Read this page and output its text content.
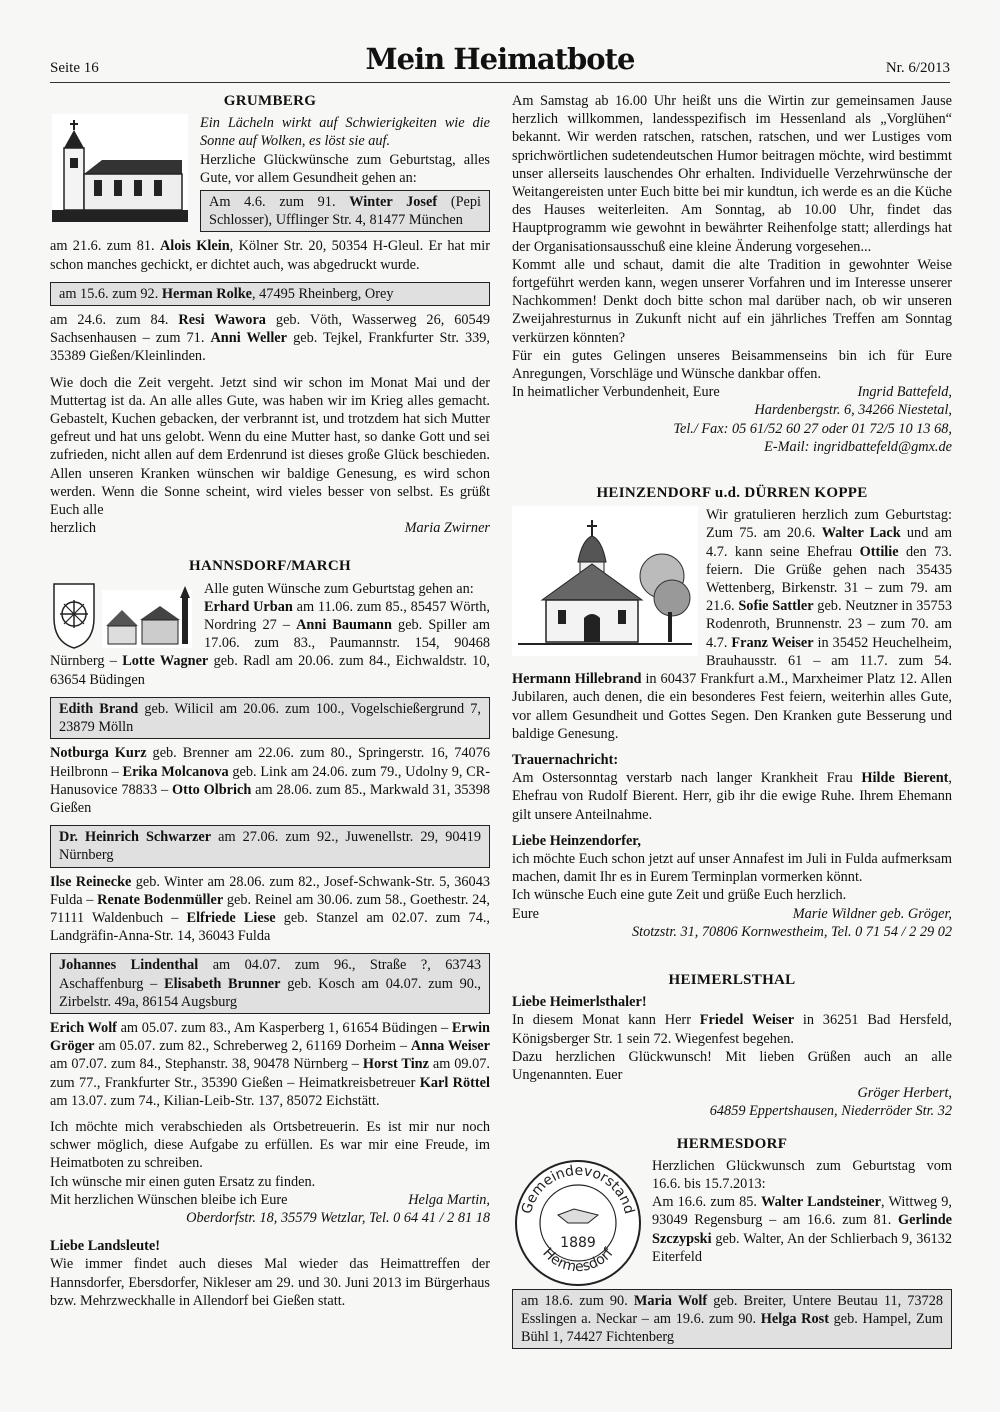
Seite 16	Mein Heimatbote	Nr. 6/2013
GRUMBERG
Ein Lächeln wirkt auf Schwierigkeiten wie die Sonne auf Wolken, es löst sie auf.
Herzliche Glückwünsche zum Geburtstag, alles Gute, vor allem Gesundheit gehen an:
Am 4.6. zum 91. Winter Josef (Pepi Schlosser), Ufflinger Str. 4, 81477 München

am 21.6. zum 81. Alois Klein, Kölner Str. 20, 50354 H-Gleul. Er hat mir schon manches gechickt, er dichtet auch, was abgedruckt wurde.

am 15.6. zum 92. Herman Rolke, 47495 Rheinberg, Orey

am 24.6. zum 84. Resi Wawora geb. Vöth, Wasserweg 26, 60549 Sachsenhausen – zum 71. Anni Weller geb. Tejkel, Frankfurter Str. 339, 35389 Gießen/Kleinlinden.

Wie doch die Zeit vergeht. Jetzt sind wir schon im Monat Mai und der Muttertag ist da. An alle alles Gute, was haben wir im Krieg alles gemacht. Gebastelt, Kuchen gebacken, der verbrannt ist, und trotzdem hat sich Mutter gefreut und hat uns gelobt. Wenn du eine Mutter hast, so danke Gott und sei zufrieden, nicht allen auf dem Erdenrund ist dieses große Glück beschieden. Allen unseren Kranken wünschen wir baldige Genesung, es wird schon werden. Wenn die Sonne scheint, wird vieles besser von selbst. Es grüßt Euch alle

herzlich	Maria Zwirner
HANNSDORF/MARCH
Alle guten Wünsche zum Geburtstag gehen an:

Erhard Urban am 11.06. zum 85., 85457 Wörth, Nordring 27 – Anni Baumann geb. Spiller am 17.06. zum 83., Paumannstr. 154, 90468 Nürnberg – Lotte Wagner geb. Radl am 20.06. zum 84., Eichwaldstr. 10, 63654 Büdingen

Edith Brand geb. Wilicil am 20.06. zum 100., Vogelschießergrund 7, 23879 Mölln

Notburga Kurz geb. Brenner am 22.06. zum 80., Springerstr. 16, 74076 Heilbronn – Erika Molcanova geb. Link am 24.06. zum 79., Udolny 9, CR-Hanusovice 78833 – Otto Olbrich am 28.06. zum 85., Markwald 31, 35398 Gießen

Dr. Heinrich Schwarzer am 27.06. zum 92., Juwenellstr. 29, 90419 Nürnberg

Ilse Reinecke geb. Winter am 28.06. zum 82., Josef-Schwank-Str. 5, 36043 Fulda – Renate Bodenmüller geb. Reinel am 30.06. zum 58., Goethestr. 24, 71111 Waldenbuch – Elfriede Liese geb. Stanzel am 02.07. zum 74., Landgräfin-Anna-Str. 14, 36043 Fulda

Johannes Lindenthal am 04.07. zum 96., Straße ?, 63743 Aschaffenburg – Elisabeth Brunner geb. Kosch am 04.07. zum 90., Zirbelstr. 49a, 86154 Augsburg

Erich Wolf am 05.07. zum 83., Am Kasperberg 1, 61654 Büdingen – Erwin Gröger am 05.07. zum 82., Schreberweg 2, 61169 Dorheim – Anna Weiser am 07.07. zum 84., Stephanstr. 38, 90478 Nürnberg – Horst Tinz am 09.07. zum 77., Frankfurter Str., 35390 Gießen – Heimatkreisbetreuer Karl Röttel am 13.07. zum 74., Kilian-Leib-Str. 137, 85072 Eichstätt.

Ich möchte mich verabschieden als Ortsbetreuerin. Es ist mir nur noch schwer möglich, diese Aufgabe zu erfüllen. Es war mir eine Freude, im Heimatboten zu schreiben.
Ich wünsche mir einen guten Ersatz zu finden.
Mit herzlichen Wünschen bleibe ich Eure	Helga Martin,
Oberdorfstr. 18, 35579 Wetzlar, Tel. 0 64 41 / 2 81 18
Liebe Landsleute!
Wie immer findet auch dieses Mal wieder das Heimattreffen der Hannsdorfer, Ebersdorfer, Nikleser am 29. und 30. Juni 2013 im Bürgerhaus bzw. Mehrzweckhalle in Allendorf bei Gießen statt.

Am Samstag ab 16.00 Uhr heißt uns die Wirtin zur gemeinsamen Jause herzlich willkommen, landesspezifisch im Hessenland als „Vorglühen“ bekannt. Wir werden ratschen, ratschen, ratschen, und wer Lustiges vom sprichwörtlichen sudetendeutschen Humor beitragen möchte, wird bestimmt unser allerseits lauschendes Ohr erhalten. Individuelle Verzehrwünsche der Weitangereisten unter Euch bitte bei mir kundtun, ich werde es an die Küche des Hauses weiterleiten. Am Sonntag, ab 10.00 Uhr, findet das Hauptprogramm wie gewohnt in bewährter Reihenfolge statt; allerdings hat der Organisationsausschuß eine kleine Änderung vorgesehen...

Kommt alle und schaut, damit die alte Tradition in gewohnter Weise fortgeführt werden kann, wegen unserer Vorfahren und im Interesse unserer Nachkommen! Denkt doch bitte schon mal darüber nach, ob wir unseren Zweijahresturnus in Zukunft nicht auf ein jährliches Treffen am Sonntag verkürzen könnten?

Für ein gutes Gelingen unseres Beisammenseins bin ich für Eure Anregungen, Vorschläge und Wünsche dankbar offen.

In heimatlicher Verbundenheit, Eure	Ingrid Battefeld,
Hardenbergstr. 6, 34266 Niestetal,
Tel./ Fax: 05 61/52 60 27 oder 01 72/5 10 13 68,
E-Mail: ingridbattefeld@gmx.de
HEINZENDORF u.d. DÜRREN KOPPE

Wir gratulieren herzlich zum Geburtstag: Zum 75. am 20.6. Walter Lack und am 4.7. kann seine Ehefrau Ottilie den 73. feiern. Die Grüße gehen nach 35435 Wettenberg, Birkenstr. 31 – zum 79. am 21.6. Sofie Sattler geb. Neutzner in 35753 Rodenroth, Brunnenstr. 23 – zum 70. am 4.7. Franz Weiser in 35452 Heuchelheim, Brauhausstr. 61 – am 11.7. zum 54. Hermann Hillebrand in 60437 Frankfurt a.M., Marxheimer Platz 12. Allen Jubilaren, auch denen, die ein besonderes Fest feiern, weiterhin alles Gute, vor allem Gesundheit und Gottes Segen. Den Kranken gute Besserung und baldige Genesung.

Trauernachricht:

Am Ostersonntag verstarb nach langer Krankheit Frau Hilde Bierent, Ehefrau von Rudolf Bierent. Herr, gib ihr die ewige Ruhe. Ihrem Ehemann gilt unsere Anteilnahme.

Liebe Heinzendorfer,
ich möchte Euch schon jetzt auf unser Annafest im Juli in Fulda aufmerksam machen, damit Ihr es in Eurem Terminplan vormerken könnt.
Ich wünsche Euch eine gute Zeit und grüße Euch herzlich.
Eure	Marie Wildner geb. Gröger,
Stotzstr. 31, 70806 Kornwestheim, Tel. 0 71 54 / 2 29 02
HEIMERLSTHAL
Liebe Heimerlsthaler!
In diesem Monat kann Herr Friedel Weiser in 36251 Bad Hersfeld, Königsberger Str. 1 sein 72. Wiegenfest begehen.
Dazu herzlichen Glückwunsch! Mit lieben Grüßen auch an alle Ungenannten. Euer
Gröger Herbert,
64859 Eppertshausen, Niederröder Str. 32
HERMESDORF
Gemeindevorstand
Hermesdorf
1889
Herzlichen Glückwunsch zum Geburtstag vom 16.6. bis 15.7.2013:

Am 16.6. zum 85. Walter Landsteiner, Wittweg 9, 93049 Regensburg – am 16.6. zum 81. Gerlinde Szczypski geb. Walter, An der Schlierbach 9, 36132 Eiterfeld

am 18.6. zum 90. Maria Wolf geb. Breiter, Untere Beutau 11, 73728 Esslingen a. Neckar – am 19.6. zum 90. Helga Rost geb. Hampel, Zum Bühl 1, 74427 Fichtenberg
